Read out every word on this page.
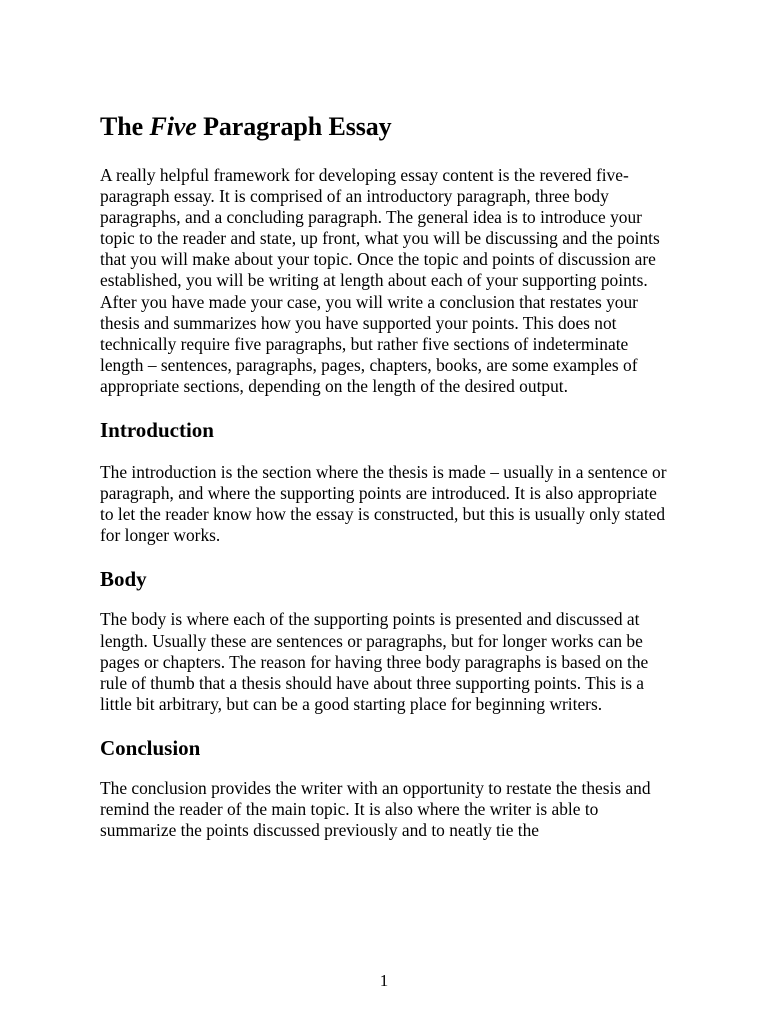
The Five Paragraph Essay

A really helpful framework for developing essay content is the revered five-paragraph essay. It is comprised of an introductory paragraph, three body paragraphs, and a concluding paragraph. The general idea is to introduce your topic to the reader and state, up front, what you will be discussing and the points that you will make about your topic. Once the topic and points of discussion are established, you will be writing at length about each of your supporting points. After you have made your case, you will write a conclusion that restates your thesis and summarizes how you have supported your points. This does not technically require five paragraphs, but rather five sections of indeterminate length – sentences, paragraphs, pages, chapters, books, are some examples of appropriate sections, depending on the length of the desired output.

Introduction

The introduction is the section where the thesis is made – usually in a sentence or paragraph, and where the supporting points are introduced. It is also appropriate to let the reader know how the essay is constructed, but this is usually only stated for longer works.

Body

The body is where each of the supporting points is presented and discussed at length. Usually these are sentences or paragraphs, but for longer works can be pages or chapters. The reason for having three body paragraphs is based on the rule of thumb that a thesis should have about three supporting points. This is a little bit arbitrary, but can be a good starting place for beginning writers.

Conclusion

The conclusion provides the writer with an opportunity to restate the thesis and remind the reader of the main topic. It is also where the writer is able to summarize the points discussed previously and to neatly tie the

1
